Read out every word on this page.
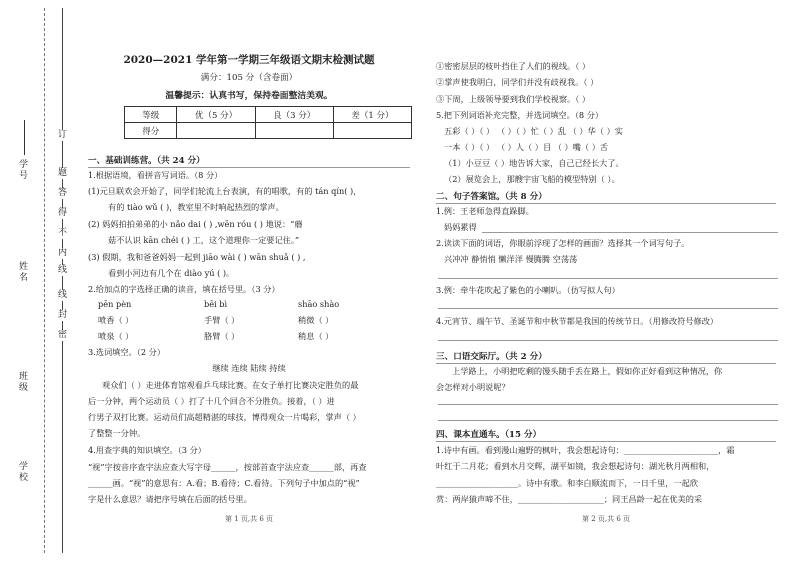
学号
姓名
班级
学校
订
线
密
封
线
内
不
得
答
题
2020—2021 学年第一学期三年级语文期末检测试题
满分：105 分（含卷面）
温馨提示：认真书写，保持卷面整洁美观。
等级	优（5 分）	良（3 分）	差（1 分）
得分			
一、基础训练营。（共 24 分）
1.根据语境，看拼音写词语。（8 分）
(1)元旦联欢会开始了，同学们轮流上台表演，有的唱歌，有的 tán qín( )，
有的 tiào wǔ ( )，教室里不时响起热烈的掌声。
(2) 妈妈拍拍弟弟的小 nǎo dai ( ) ,wēn róu ( ) 地说：“蘑
菇不认识 kān chéi ( ) 工，这个道理你一定要记住。”
(3) 假期，我和爸爸妈妈一起到 jiāo wài ( ) wān shuǎ ( ) ,
看到小河边有几个在 diào yú ( )。
2.给加点的字选择正确的读音，填在括号里。（3 分）
pēn pèn	bēi bì	shāo shào
喷香（ ）	手臂（ ）	稍微（ ）
喷泉（ ）	胳臂（ ）	稍息（ ）
3.选词填空。（2 分）
继续 连续 陆续 持续
观众们（ ）走进体育馆观看乒乓球比赛。在女子单打比赛决定胜负的最
后一分钟，两个运动员（ ）打了十几个回合不分胜负。接着，（ ）进
行男子双打比赛。运动员们高超精湛的球技，博得观众一片喝彩，掌声（ ）
了整整一分钟。
4.用查字典的知识填空。（3 分）
“视”字按音序查字法应查大写字母______，按部首查字法应查______部，再查
______画。“视”的意思有：A.看；B.看待；C.看待。下列句子中加点的“视”
字是什么意思？请把序号填在后面的括号里。
第 1 页,共 6 页
①密密层层的枝叶挡住了人们的视线。（ ）
②掌声使我明白，同学们并没有歧视我。（ ）
③下周，上级领导要到我们学校视察。（ ）
5.把下列词语补充完整，并选词填空。（8 分）
五彩（ ）（ ） （ ）（ ）忙（ ）乱 （ ）华（ ）实
一本（ ）（ ） （ ）人（ ）目 （ ）嘴（ ）舌
（1）小豆豆（ ）地告诉大家，自己已经长大了。
（2）展览会上，那艘宇宙飞船的模型特别（ ）。
二、句子答案馆。（共 8 分）
1.例：王老师急得直跺脚。
妈妈累得
2.读读下面的词语，你眼前浮现了怎样的画面？选择其一个词写句子。
兴冲冲 静悄悄 懒洋洋 慢腾腾 空荡荡
3.例：牵牛花吹起了紫色的小喇叭。（仿写拟人句）
4.元宵节、端午节、圣诞节和中秋节都是我国的传统节日。（用修改符号修改）
三、口语交际厅。（共 2 分）
上学路上，小明把吃剩的馒头随手丢在路上，假如你正好看到这种情况，你
会怎样对小明说呢？
四、课本直通车。（15 分）
1.诗中有画。看到漫山遍野的枫叶，我会想起诗句：_______________________，霜
叶红于二月花；看到水月交辉，湖平如镜，我会想起诗句：湖光秋月两相和，
____________________。诗中有歌。和李白顺流而下，一日千里，一起欣
赏：两岸猿声啼不住，_____________________；同王昌龄一起在优美的采
第 2 页,共 6 页
